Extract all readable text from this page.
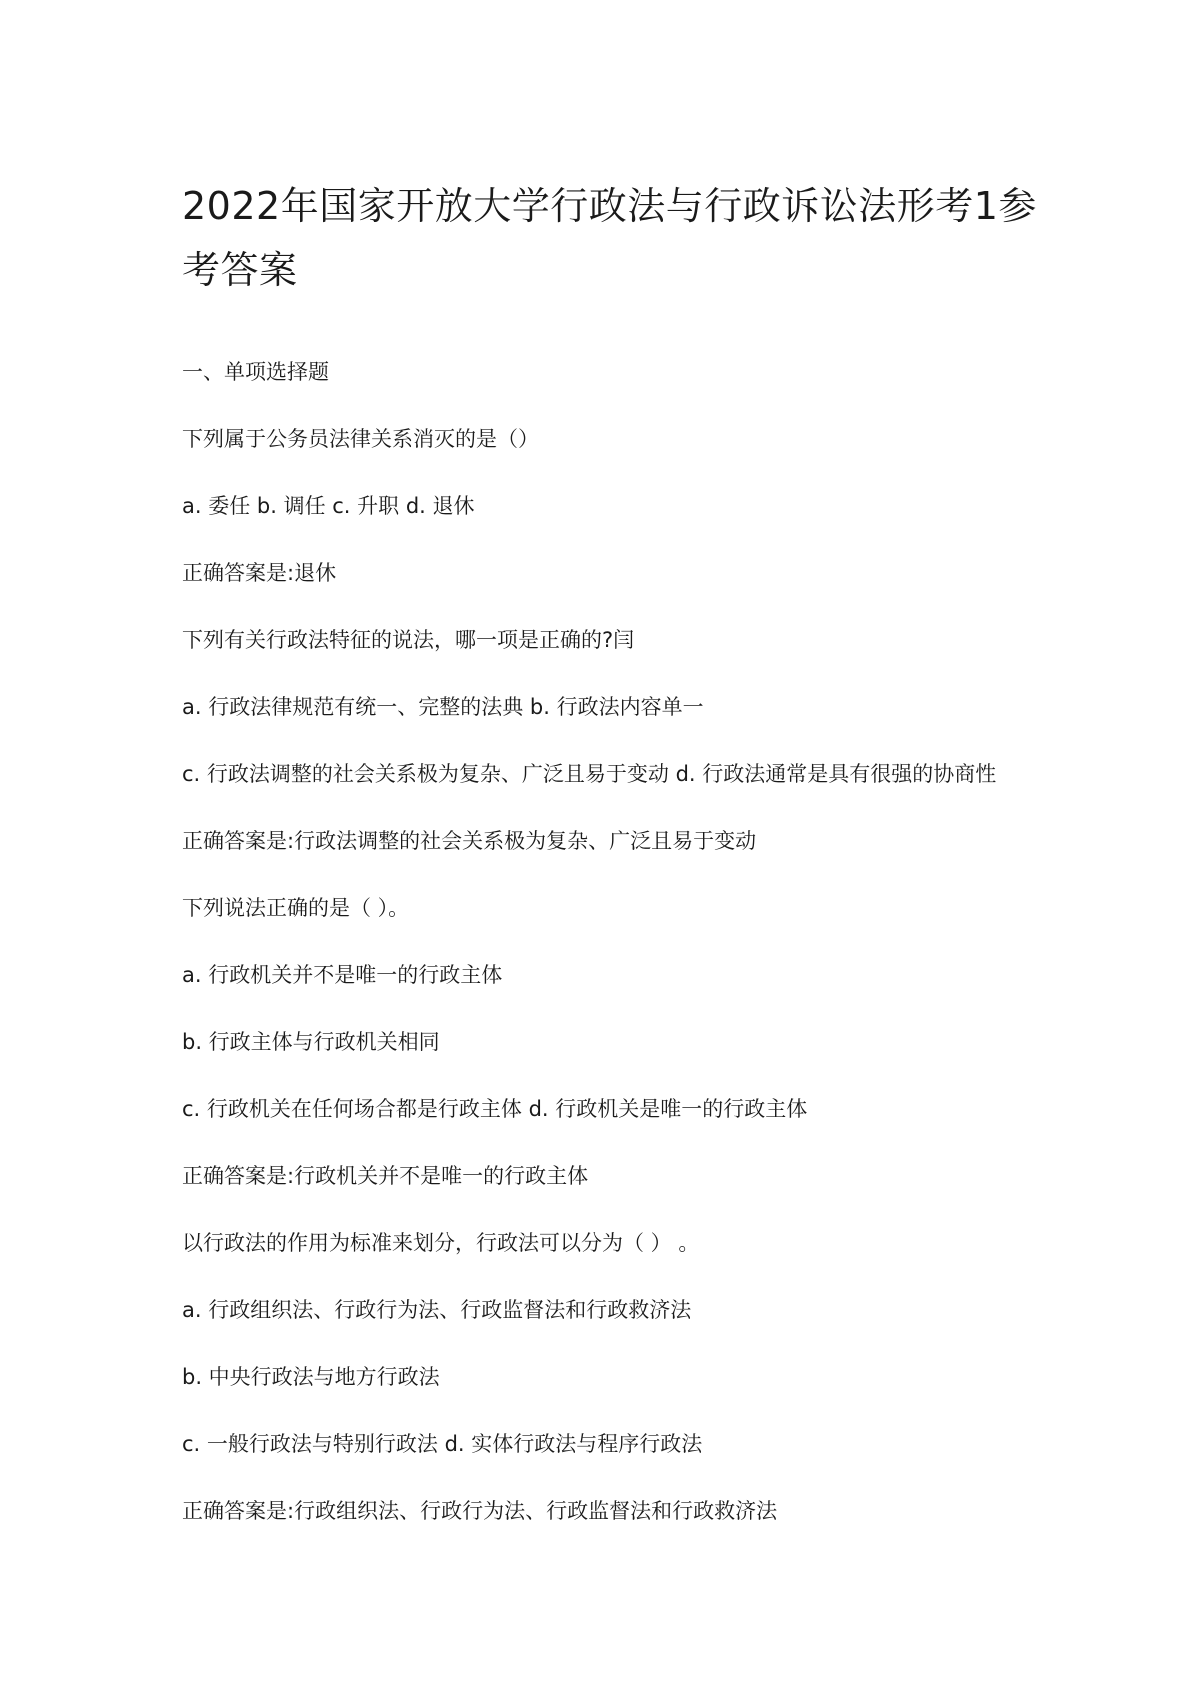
2022年国家开放大学行政法与行政诉讼法形考1参考答案

一、单项选择题

下列属于公务员法律关系消灭的是（）

a. 委任 b. 调任 c. 升职 d. 退休

正确答案是:退休

下列有关行政法特征的说法，哪一项是正确的?闫

a. 行政法律规范有统一、完整的法典 b. 行政法内容单一

c. 行政法调整的社会关系极为复杂、广泛且易于变动 d. 行政法通常是具有很强的协商性

正确答案是:行政法调整的社会关系极为复杂、广泛且易于变动

下列说法正确的是（ ）。

a. 行政机关并不是唯一的行政主体

b. 行政主体与行政机关相同

c. 行政机关在任何场合都是行政主体 d. 行政机关是唯一的行政主体

正确答案是:行政机关并不是唯一的行政主体

以行政法的作用为标准来划分，行政法可以分为（ ） 。

a. 行政组织法、行政行为法、行政监督法和行政救济法

b. 中央行政法与地方行政法

c. 一般行政法与特别行政法 d. 实体行政法与程序行政法

正确答案是:行政组织法、行政行为法、行政监督法和行政救济法
